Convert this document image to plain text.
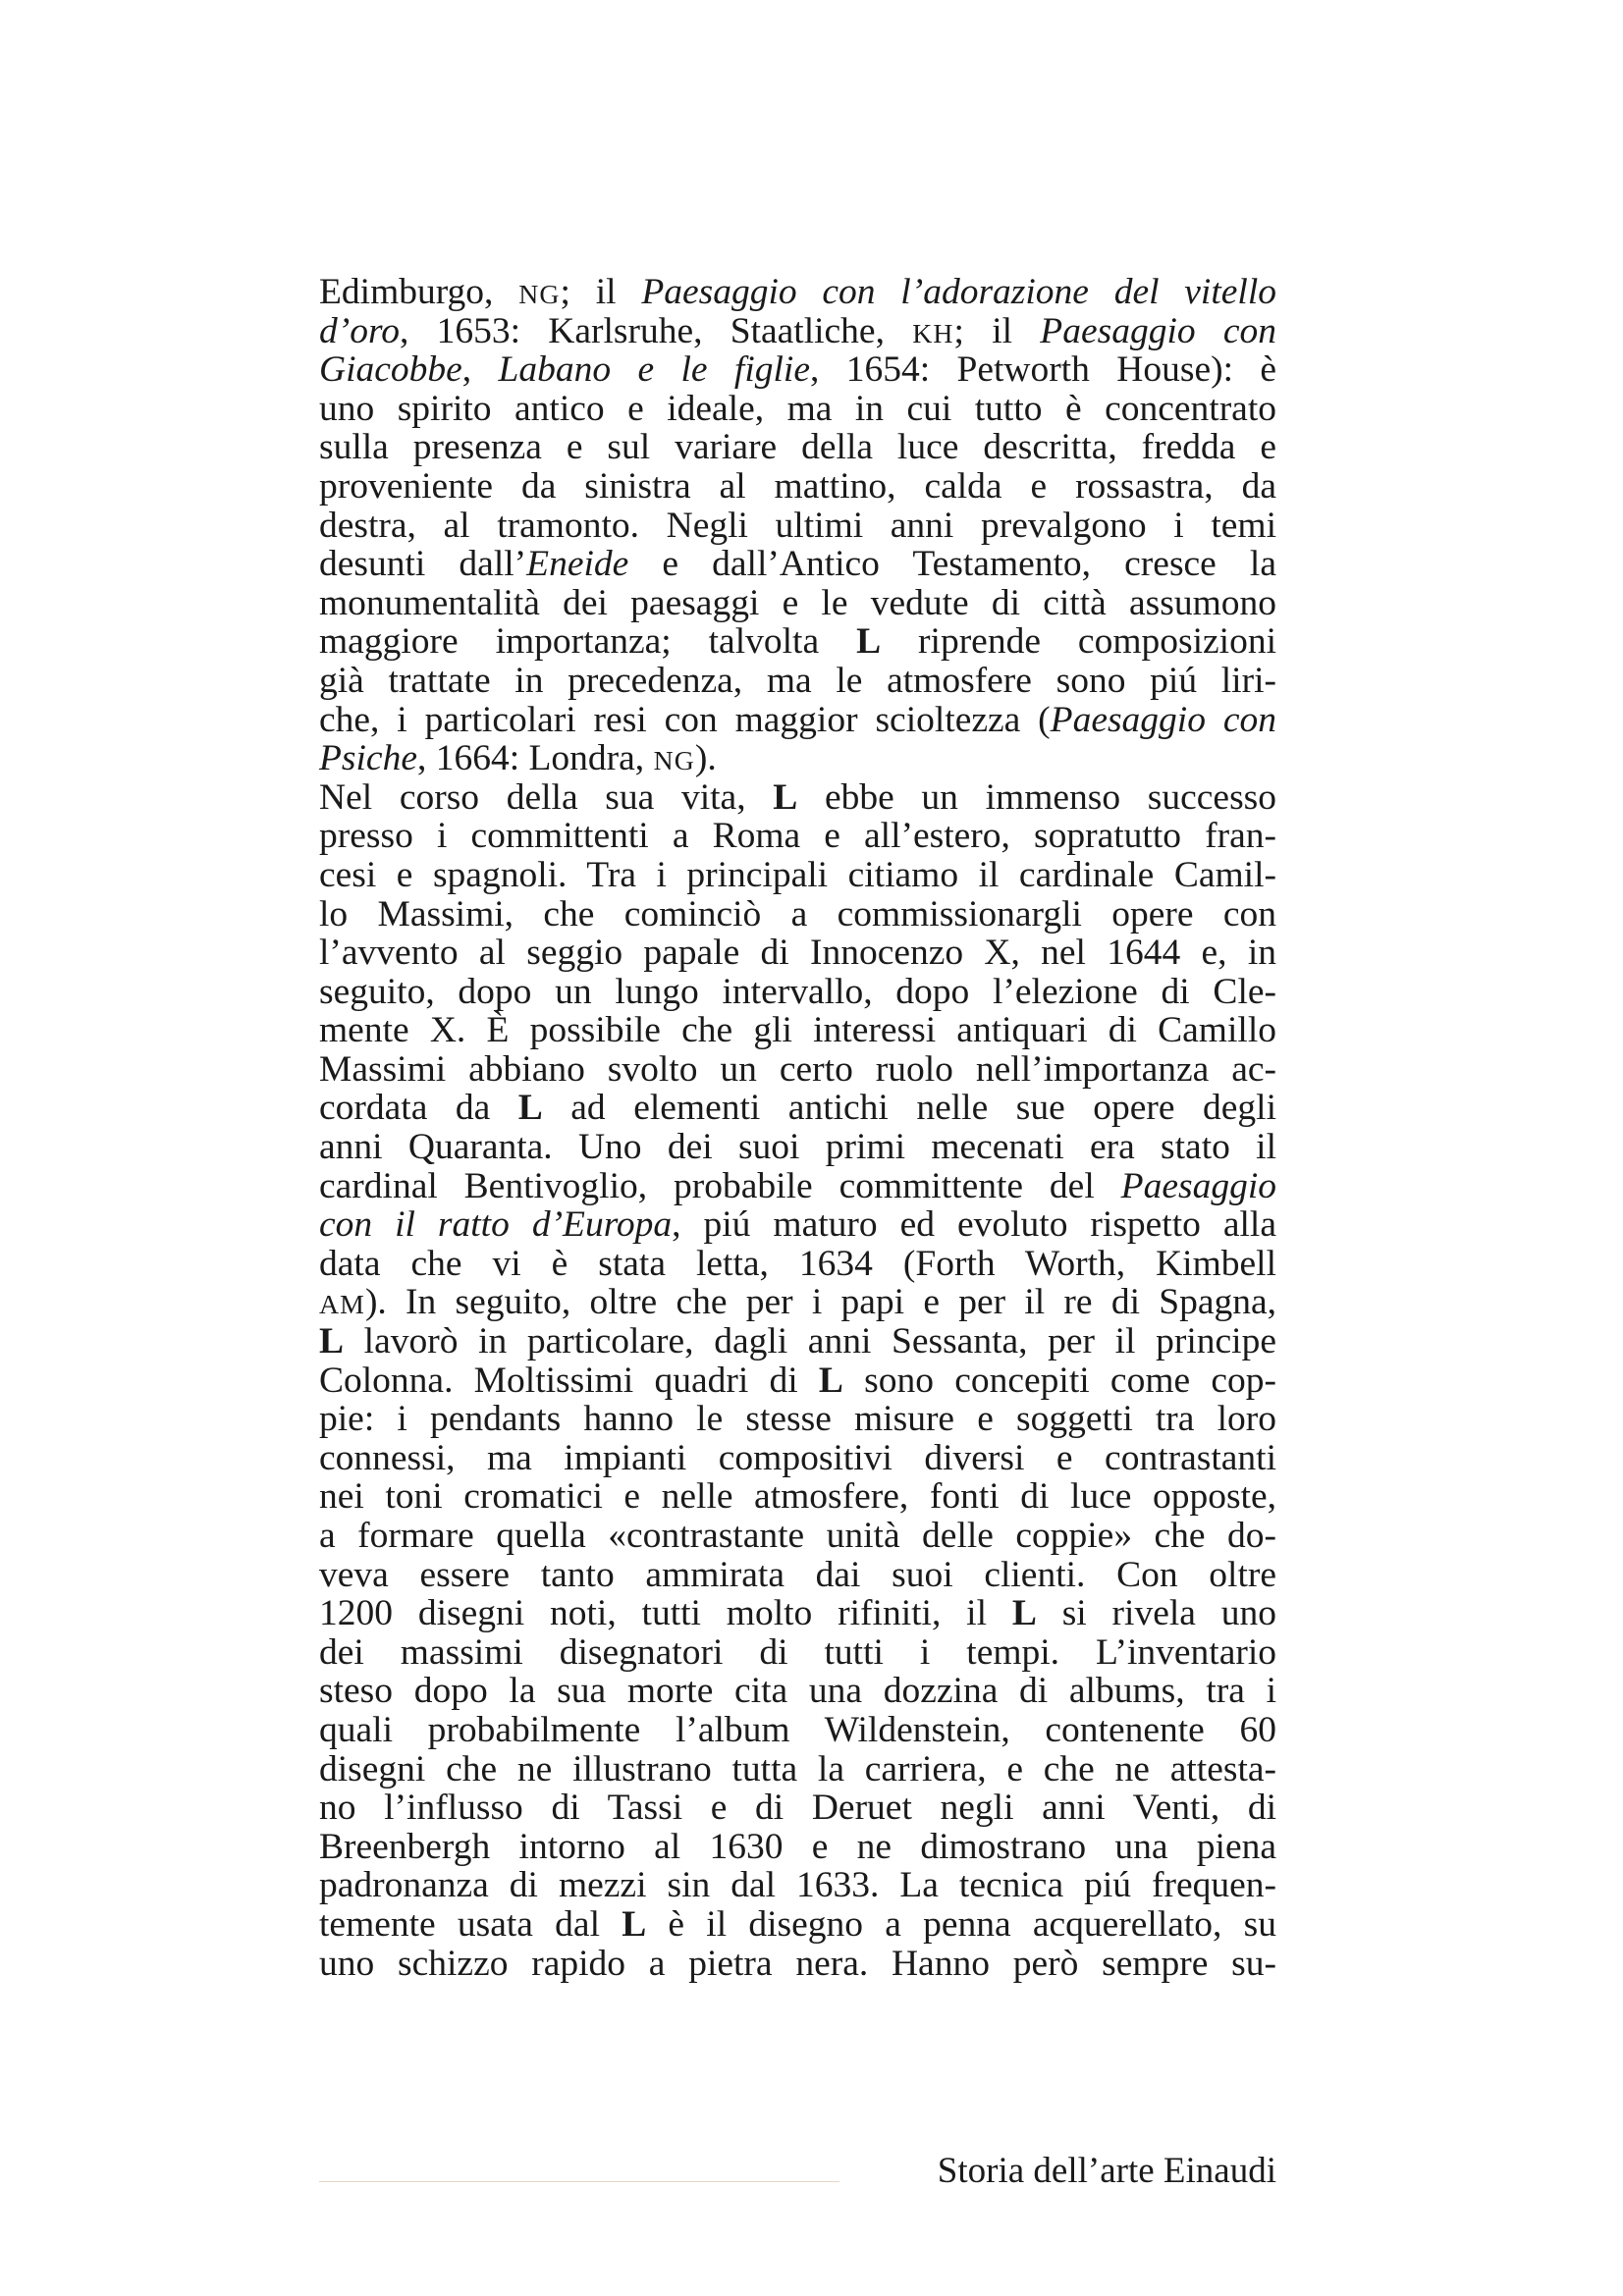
Edimburgo, NG; il Paesaggio con l’adorazione del vitello
d’oro, 1653: Karlsruhe, Staatliche, KH; il Paesaggio con
Giacobbe, Labano e le figlie, 1654: Petworth House): è
uno spirito antico e ideale, ma in cui tutto è concentrato
sulla presenza e sul variare della luce descritta, fredda e
proveniente da sinistra al mattino, calda e rossastra, da
destra, al tramonto. Negli ultimi anni prevalgono i temi
desunti dall’Eneide e dall’Antico Testamento, cresce la
monumentalità dei paesaggi e le vedute di città assumono
maggiore importanza; talvolta L riprende composizioni
già trattate in precedenza, ma le atmosfere sono piú liri-
che, i particolari resi con maggior scioltezza (Paesaggio con
Psiche, 1664: Londra, NG).
Nel corso della sua vita, L ebbe un immenso successo
presso i committenti a Roma e all’estero, sopratutto fran-
cesi e spagnoli. Tra i principali citiamo il cardinale Camil-
lo Massimi, che cominciò a commissionargli opere con
l’avvento al seggio papale di Innocenzo X, nel 1644 e, in
seguito, dopo un lungo intervallo, dopo l’elezione di Cle-
mente X. È possibile che gli interessi antiquari di Camillo
Massimi abbiano svolto un certo ruolo nell’importanza ac-
cordata da L ad elementi antichi nelle sue opere degli
anni Quaranta. Uno dei suoi primi mecenati era stato il
cardinal Bentivoglio, probabile committente del Paesaggio
con il ratto d’Europa, piú maturo ed evoluto rispetto alla
data che vi è stata letta, 1634 (Forth Worth, Kimbell
AM). In seguito, oltre che per i papi e per il re di Spagna,
L lavorò in particolare, dagli anni Sessanta, per il principe
Colonna. Moltissimi quadri di L sono concepiti come cop-
pie: i pendants hanno le stesse misure e soggetti tra loro
connessi, ma impianti compositivi diversi e contrastanti
nei toni cromatici e nelle atmosfere, fonti di luce opposte,
a formare quella «contrastante unità delle coppie» che do-
veva essere tanto ammirata dai suoi clienti. Con oltre
1200 disegni noti, tutti molto rifiniti, il L si rivela uno
dei massimi disegnatori di tutti i tempi. L’inventario
steso dopo la sua morte cita una dozzina di albums, tra i
quali probabilmente l’album Wildenstein, contenente 60
disegni che ne illustrano tutta la carriera, e che ne attesta-
no l’influsso di Tassi e di Deruet negli anni Venti, di
Breenbergh intorno al 1630 e ne dimostrano una piena
padronanza di mezzi sin dal 1633. La tecnica piú frequen-
temente usata dal L è il disegno a penna acquerellato, su
uno schizzo rapido a pietra nera. Hanno però sempre su-
Storia dell’arte Einaudi
